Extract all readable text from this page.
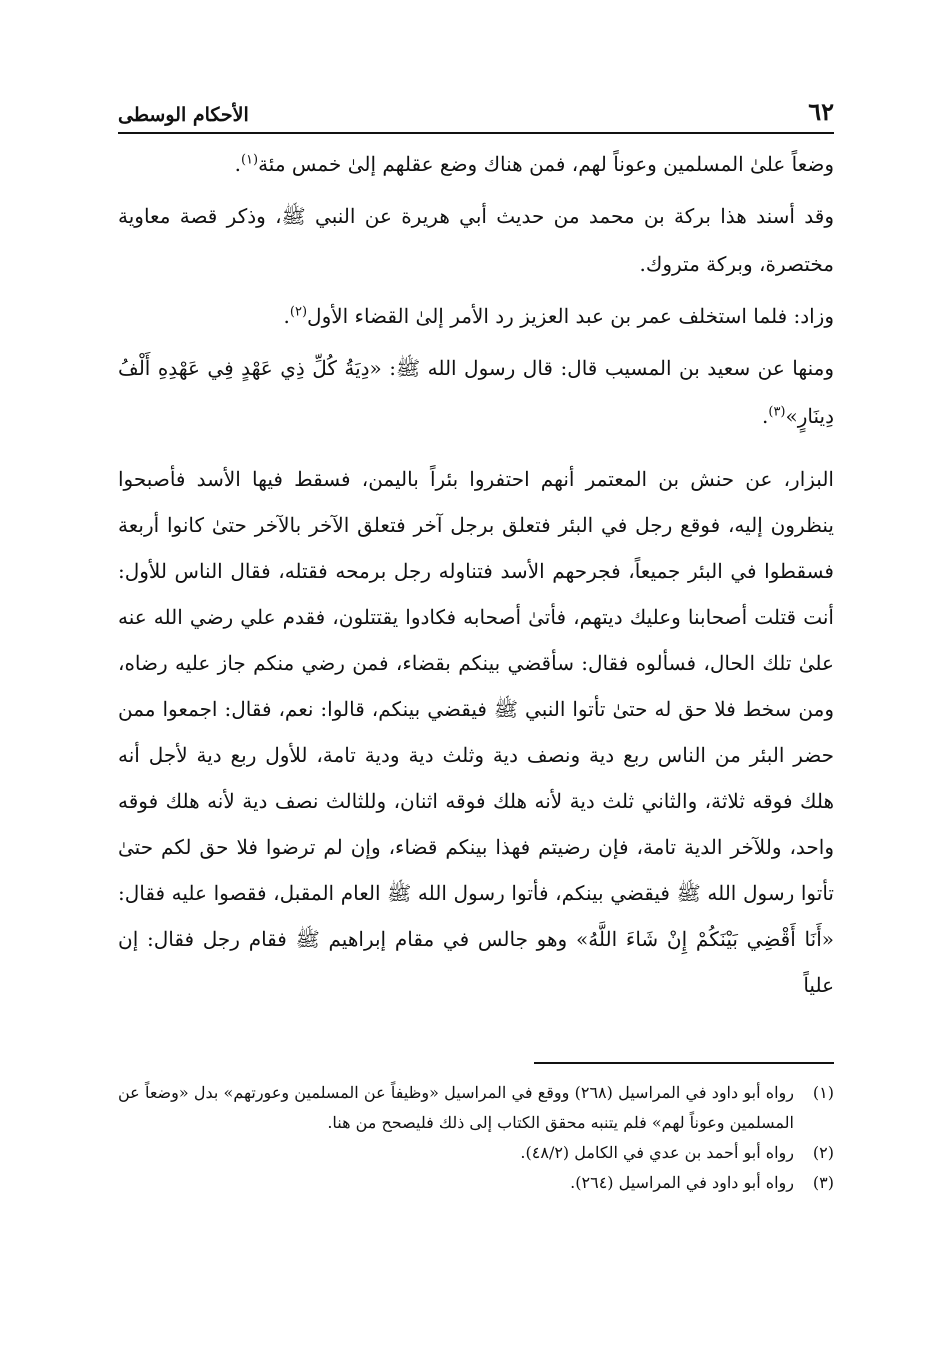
الأحكام الوسطى	٦٢

وضعاً علىٰ المسلمين وعوناً لهم، فمن هناك وضع عقلهم إلىٰ خمس مئة$^{(١)}$.

وقد أسند هذا بركة بن محمد من حديث أبي هريرة عن النبي ﷺ، وذكر قصة معاوية مختصرة، وبركة متروك.

وزاد: فلما استخلف عمر بن عبد العزيز رد الأمر إلىٰ القضاء الأول$^{(٢)}$.

ومنها عن سعيد بن المسيب قال: قال رسول الله ﷺ: «دِيَةُ كُلِّ ذِي عَهْدٍ فِي عَهْدِهِ أَلْفُ دِينَارٍ»$^{(٣)}$.

البزار، عن حنش بن المعتمر أنهم احتفروا بئراً باليمن، فسقط فيها الأسد فأصبحوا ينظرون إليه، فوقع رجل في البئر فتعلق برجل آخر فتعلق الآخر بالآخر حتىٰ كانوا أربعة فسقطوا في البئر جميعاً، فجرحهم الأسد فتناوله رجل برمحه فقتله، فقال الناس للأول: أنت قتلت أصحابنا وعليك ديتهم، فأتىٰ أصحابه فكادوا يقتتلون، فقدم علي رضي الله عنه علىٰ تلك الحال، فسألوه فقال: سأقضي بينكم بقضاء، فمن رضي منكم جاز عليه رضاه، ومن سخط فلا حق له حتىٰ تأتوا النبي ﷺ فيقضي بينكم، قالوا: نعم، فقال: اجمعوا ممن حضر البئر من الناس ربع دية ونصف دية وثلث دية ودية تامة، للأول ربع دية لأجل أنه هلك فوقه ثلاثة، والثاني ثلث دية لأنه هلك فوقه اثنان، وللثالث نصف دية لأنه هلك فوقه واحد، وللآخر الدية تامة، فإن رضيتم فهذا بينكم قضاء، وإن لم ترضوا فلا حق لكم حتىٰ تأتوا رسول الله ﷺ فيقضي بينكم، فأتوا رسول الله ﷺ العام المقبل، فقصوا عليه فقال: «أَنَا أَقْضِي بَيْنَكُمْ إِنْ شَاءَ اللَّهُ» وهو جالس في مقام إبراهيم ﷺ فقام رجل فقال: إن علياً

(١)
رواه أبو داود في المراسيل (٢٦٨) ووقع في المراسيل «وظيفاً عن المسلمين وعورتهم» بدل «وضعاً عن المسلمين وعوناً لهم» فلم يتنبه محقق الكتاب إلى ذلك فليصحح من هنا.

(٢)
رواه أبو أحمد بن عدي في الكامل (٤٨/٢).

(٣)
رواه أبو داود في المراسيل (٢٦٤).
